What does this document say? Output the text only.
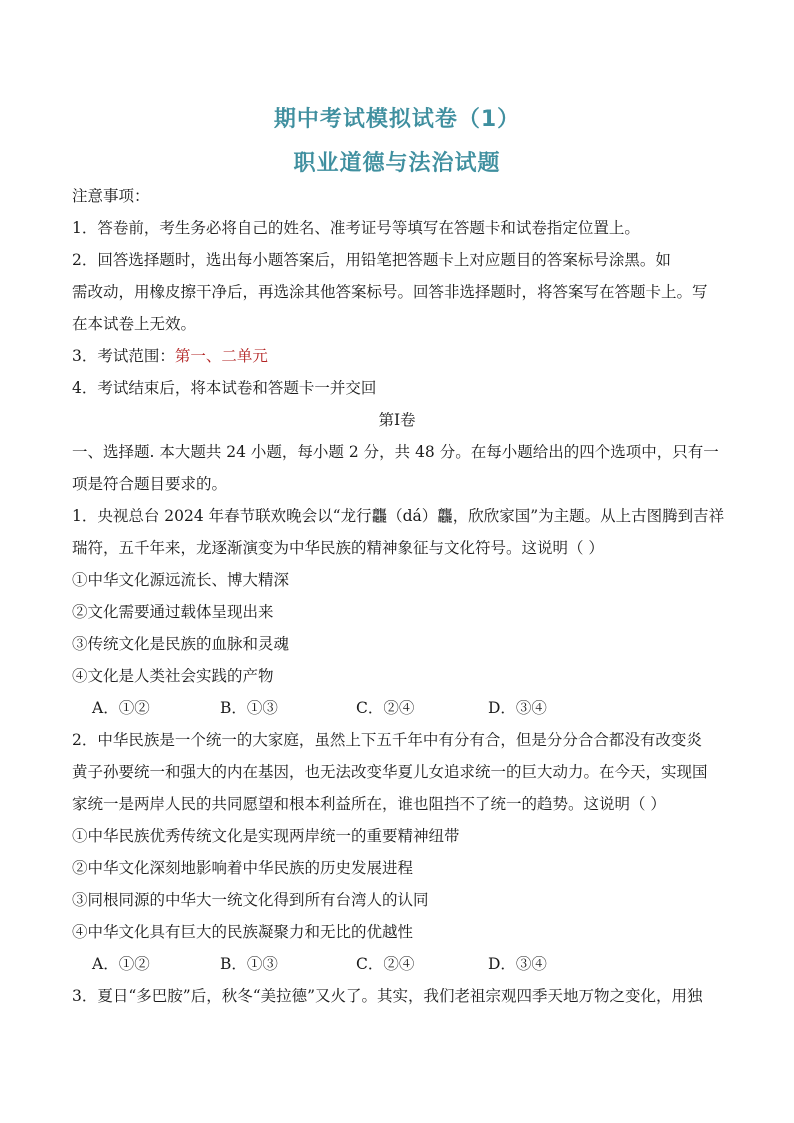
期中考试模拟试卷（1）
职业道德与法治试题
注意事项：
1．答卷前，考生务必将自己的姓名、准考证号等填写在答题卡和试卷指定位置上。
2．回答选择题时，选出每小题答案后，用铅笔把答题卡上对应题目的答案标号涂黑。如
需改动，用橡皮擦干净后，再选涂其他答案标号。回答非选择题时，将答案写在答题卡上。写
在本试卷上无效。
3．考试范围：第一、二单元
4．考试结束后，将本试卷和答题卡一并交回
第Ⅰ卷
一、选择题. 本大题共 24 小题，每小题 2 分，共 48 分。在每小题给出的四个选项中，只有一
项是符合题目要求的。
1．央视总台 2024 年春节联欢晚会以“龙行龘（dá）龘，欣欣家国”为主题。从上古图腾到吉祥
瑞符，五千年来，龙逐渐演变为中华民族的精神象征与文化符号。这说明（ ）
①中华文化源远流长、博大精深
②文化需要通过载体呈现出来
③传统文化是民族的血脉和灵魂
④文化是人类社会实践的产物
A．①②	B．①③	C．②④	D．③④
2．中华民族是一个统一的大家庭，虽然上下五千年中有分有合，但是分分合合都没有改变炎
黄子孙要统一和强大的内在基因，也无法改变华夏儿女追求统一的巨大动力。在今天，实现国
家统一是两岸人民的共同愿望和根本利益所在，谁也阻挡不了统一的趋势。这说明（ ）
①中华民族优秀传统文化是实现两岸统一的重要精神纽带
②中华文化深刻地影响着中华民族的历史发展进程
③同根同源的中华大一统文化得到所有台湾人的认同
④中华文化具有巨大的民族凝聚力和无比的优越性
A．①②	B．①③	C．②④	D．③④
3．夏日“多巴胺”后，秋冬“美拉德”又火了。其实，我们老祖宗观四季天地万物之变化，用独
